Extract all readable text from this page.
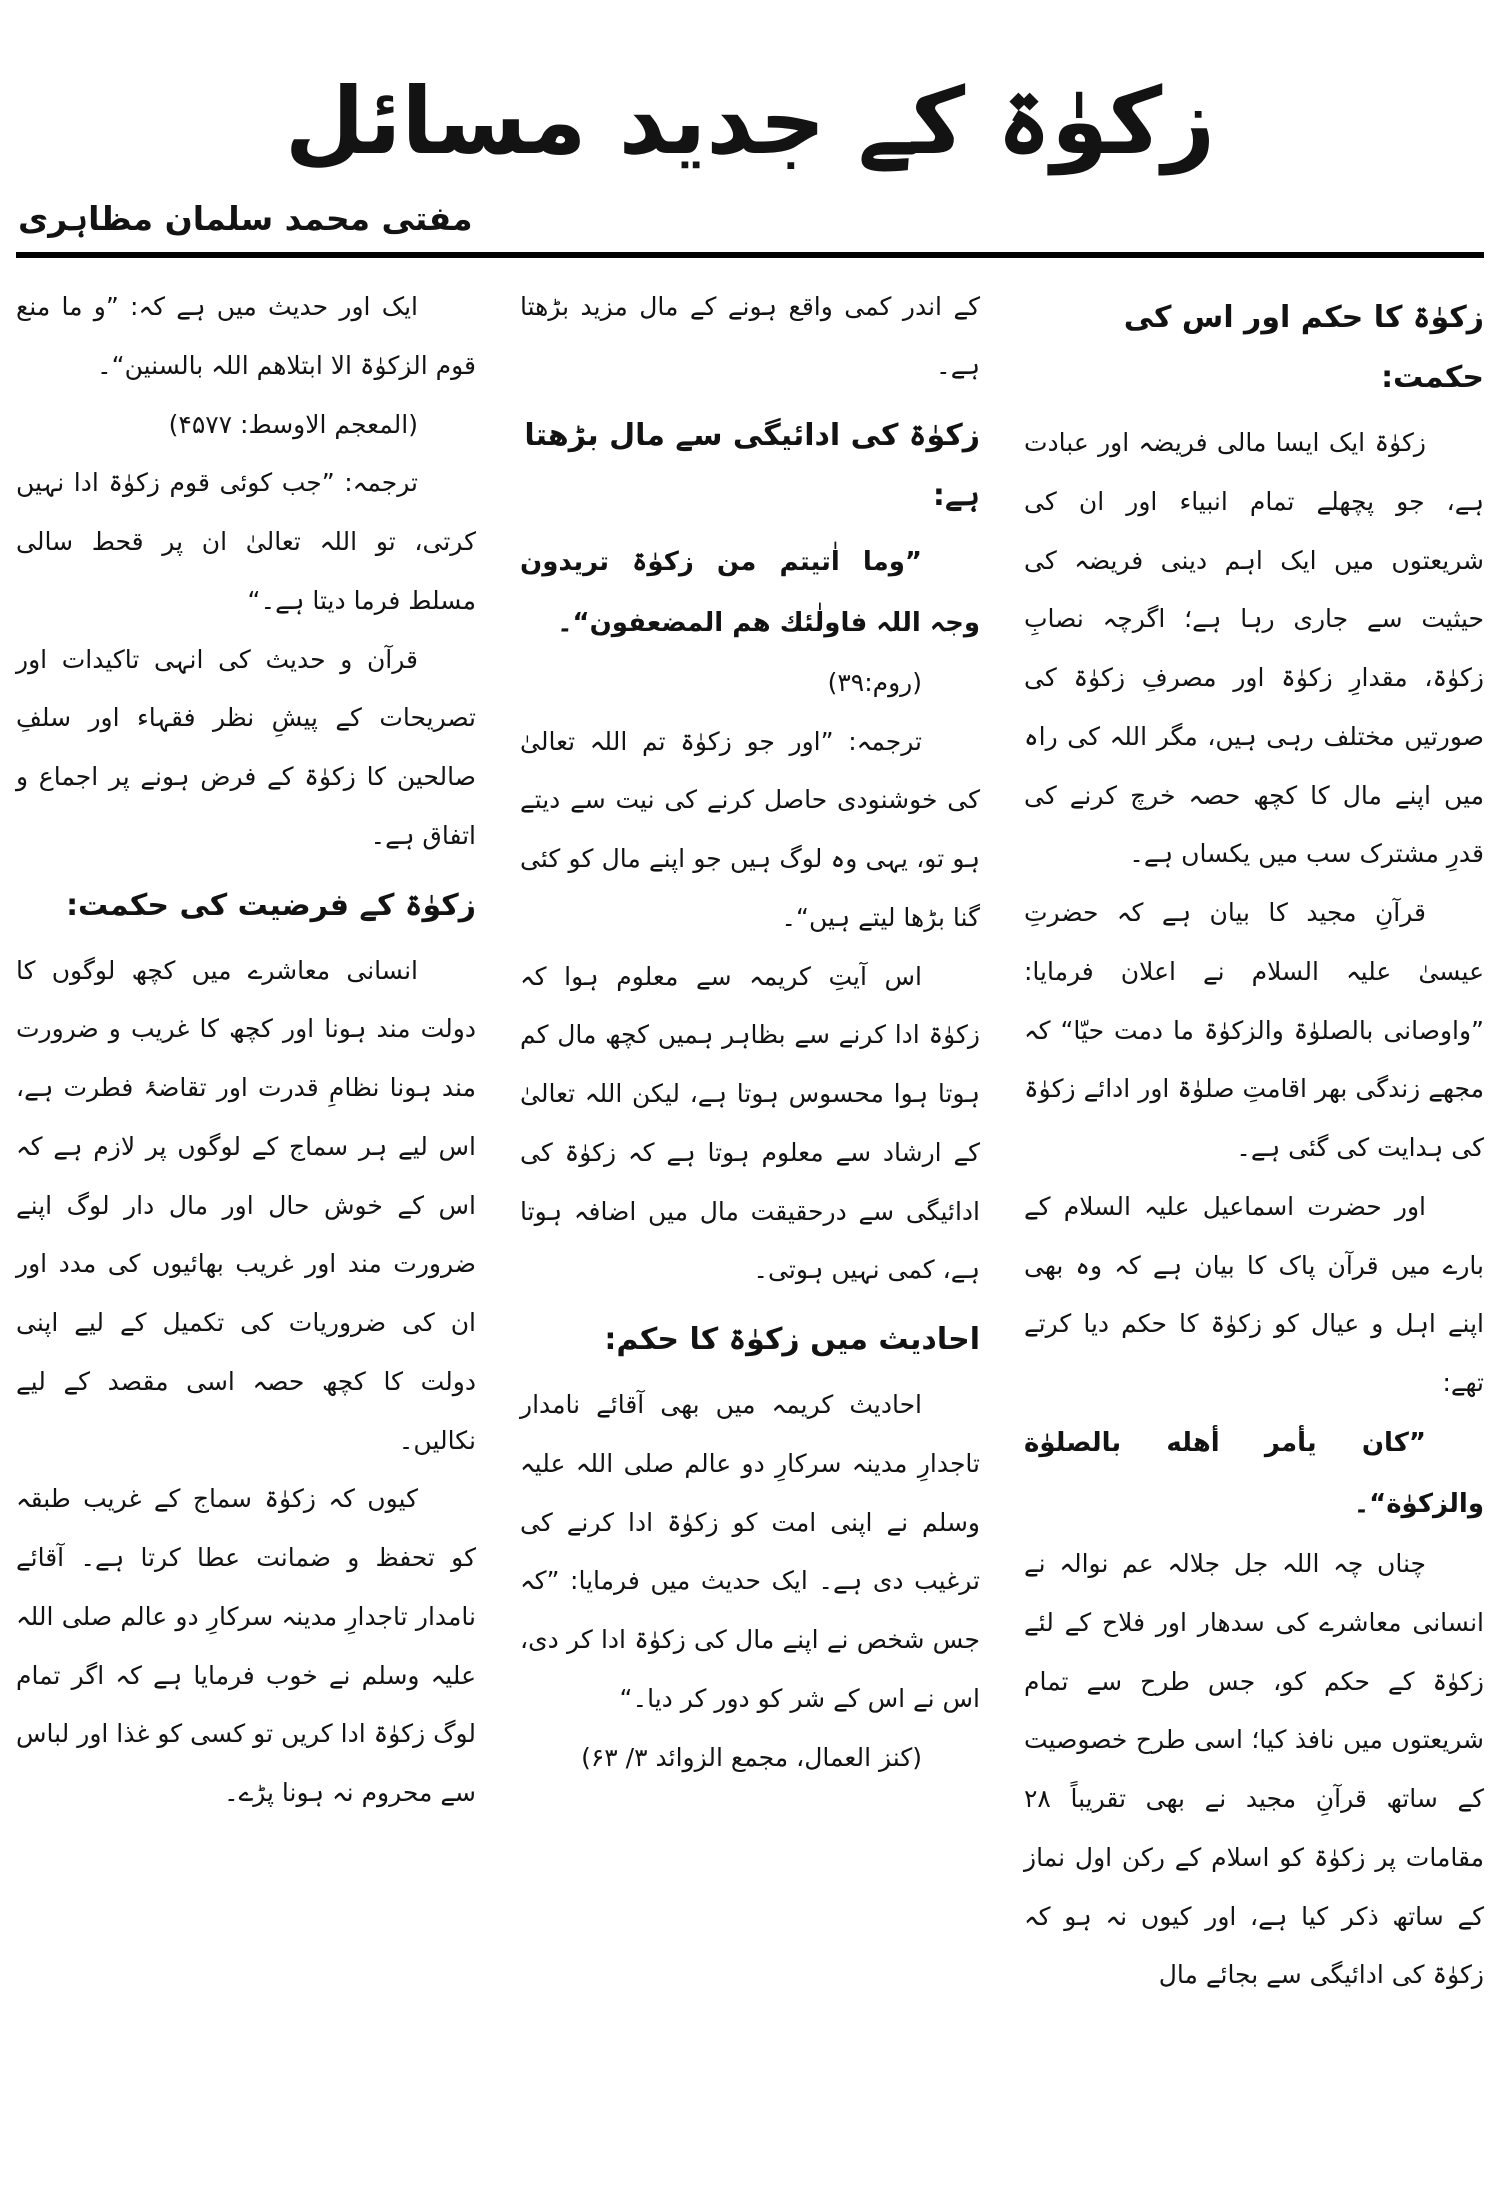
زکوٰۃ کے جدید مسائل
مفتی محمد سلمان مظاہری
زکوٰۃ کا حکم اور اس کی حکمت:
زکوٰۃ ایک ایسا مالی فریضہ اور عبادت ہے، جو پچھلے تمام انبیاء اور ان کی شریعتوں میں ایک اہم دینی فریضہ کی حیثیت سے جاری رہا ہے؛ اگرچہ نصابِ زکوٰۃ، مقدارِ زکوٰۃ اور مصرفِ زکوٰۃ کی صورتیں مختلف رہی ہیں، مگر اللہ کی راہ میں اپنے مال کا کچھ حصہ خرچ کرنے کی قدرِ مشترک سب میں یکساں ہے۔
قرآنِ مجید کا بیان ہے کہ حضرتِ عیسیٰ علیہ السلام نے اعلان فرمایا: ”واوصانی بالصلوٰۃ والزکوٰۃ ما دمت حیّا“ کہ مجھے زندگی بھر اقامتِ صلوٰۃ اور ادائے زکوٰۃ کی ہدایت کی گئی ہے۔
اور حضرت اسماعیل علیہ السلام کے بارے میں قرآن پاک کا بیان ہے کہ وہ بھی اپنے اہل و عیال کو زکوٰۃ کا حکم دیا کرتے تھے:
”کان یأمر أهله بالصلوٰة والزکوٰة“۔
چناں چہ اللہ جل جلالہ عم نوالہ نے انسانی معاشرے کی سدھار اور فلاح کے لئے زکوٰۃ کے حکم کو، جس طرح سے تمام شریعتوں میں نافذ کیا؛ اسی طرح خصوصیت کے ساتھ قرآنِ مجید نے بھی تقریباً ۲۸ مقامات پر زکوٰۃ کو اسلام کے رکن اول نماز کے ساتھ ذکر کیا ہے، اور کیوں نہ ہو کہ زکوٰۃ کی ادائیگی سے بجائے مال
کے اندر کمی واقع ہونے کے مال مزید بڑھتا ہے۔
زکوٰۃ کی ادائیگی سے مال بڑھتا ہے:
”وما اٰتیتم من زکوٰۃ تریدون وجہ اللہ فاولٰئك هم المضعفون“۔
(روم:۳۹)
ترجمہ: ”اور جو زکوٰۃ تم اللہ تعالیٰ کی خوشنودی حاصل کرنے کی نیت سے دیتے ہو تو، یہی وہ لوگ ہیں جو اپنے مال کو کئی گنا بڑھا لیتے ہیں“۔
اس آیتِ کریمہ سے معلوم ہوا کہ زکوٰۃ ادا کرنے سے بظاہر ہمیں کچھ مال کم ہوتا ہوا محسوس ہوتا ہے، لیکن اللہ تعالیٰ کے ارشاد سے معلوم ہوتا ہے کہ زکوٰۃ کی ادائیگی سے درحقیقت مال میں اضافہ ہوتا ہے، کمی نہیں ہوتی۔
احادیث میں زکوٰۃ کا حکم:
احادیث کریمہ میں بھی آقائے نامدار تاجدارِ مدینہ سرکارِ دو عالم صلی اللہ علیہ وسلم نے اپنی امت کو زکوٰۃ ادا کرنے کی ترغیب دی ہے۔ ایک حدیث میں فرمایا: ”کہ جس شخص نے اپنے مال کی زکوٰۃ ادا کر دی، اس نے اس کے شر کو دور کر دیا۔“
(کنز العمال، مجمع الزوائد ۳/ ۶۳)
ایک اور حدیث میں ہے کہ: ”و ما منع قوم الزکوٰۃ الا ابتلاهم اللہ بالسنین“۔
(المعجم الاوسط: ۴۵۷۷)
ترجمہ: ”جب کوئی قوم زکوٰۃ ادا نہیں کرتی، تو اللہ تعالیٰ ان پر قحط سالی مسلط فرما دیتا ہے۔“
قرآن و حدیث کی انہی تاکیدات اور تصریحات کے پیشِ نظر فقہاء اور سلفِ صالحین کا زکوٰۃ کے فرض ہونے پر اجماع و اتفاق ہے۔
زکوٰۃ کے فرضیت کی حکمت:
انسانی معاشرے میں کچھ لوگوں کا دولت مند ہونا اور کچھ کا غریب و ضرورت مند ہونا نظامِ قدرت اور تقاضۂ فطرت ہے، اس لیے ہر سماج کے لوگوں پر لازم ہے کہ اس کے خوش حال اور مال دار لوگ اپنے ضرورت مند اور غریب بھائیوں کی مدد اور ان کی ضروریات کی تکمیل کے لیے اپنی دولت کا کچھ حصہ اسی مقصد کے لیے نکالیں۔
کیوں کہ زکوٰۃ سماج کے غریب طبقہ کو تحفظ و ضمانت عطا کرتا ہے۔ آقائے نامدار تاجدارِ مدینہ سرکارِ دو عالم صلی اللہ علیہ وسلم نے خوب فرمایا ہے کہ اگر تمام لوگ زکوٰۃ ادا کریں تو کسی کو غذا اور لباس سے محروم نہ ہونا پڑے۔
